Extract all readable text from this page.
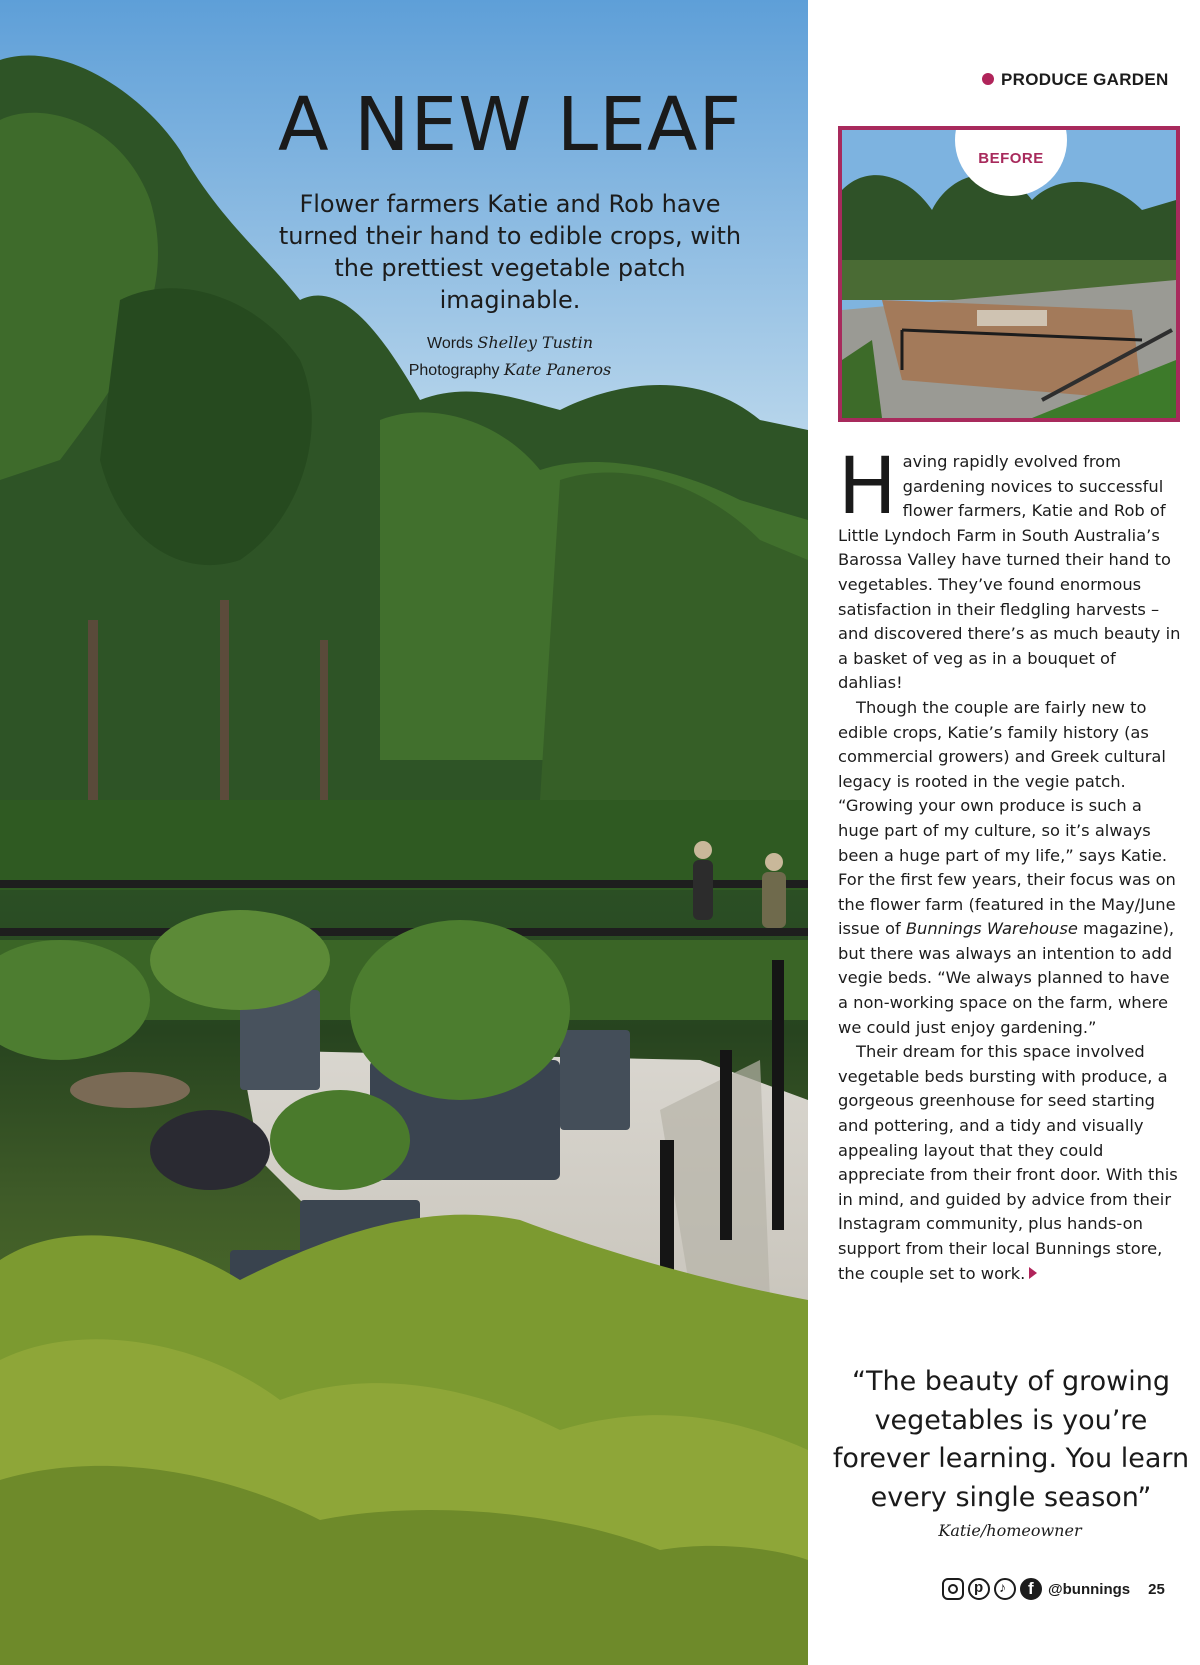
A NEW LEAF
Flower farmers Katie and Rob have turned their hand to edible crops, with the prettiest vegetable patch imaginable.
Words Shelley Tustin
Photography Kate Paneros
PRODUCE GARDEN
BEFORE

Having rapidly evolved from gardening novices to successful flower farmers, Katie and Rob of Little Lyndoch Farm in South Australia’s Barossa Valley have turned their hand to vegetables. They’ve found enormous satisfaction in their fledgling harvests – and discovered there’s as much beauty in a basket of veg as in a bouquet of dahlias!

Though the couple are fairly new to edible crops, Katie’s family history (as commercial growers) and Greek cultural legacy is rooted in the vegie patch. “Growing your own produce is such a huge part of my culture, so it’s always been a huge part of my life,” says Katie. For the first few years, their focus was on the flower farm (featured in the May/June issue of Bunnings Warehouse magazine), but there was always an intention to add vegie beds. “We always planned to have a non-working space on the farm, where we could just enjoy gardening.”

Their dream for this space involved vegetable beds bursting with produce, a gorgeous greenhouse for seed starting and pottering, and a tidy and visually appealing layout that they could appreciate from their front door. With this in mind, and guided by advice from their Instagram community, plus hands-on support from their local Bunnings store, the couple set to work.

“The beauty of growing vegetables is you’re forever learning. You learn every single season”
Katie/homeowner
p♪f@bunnings 25
